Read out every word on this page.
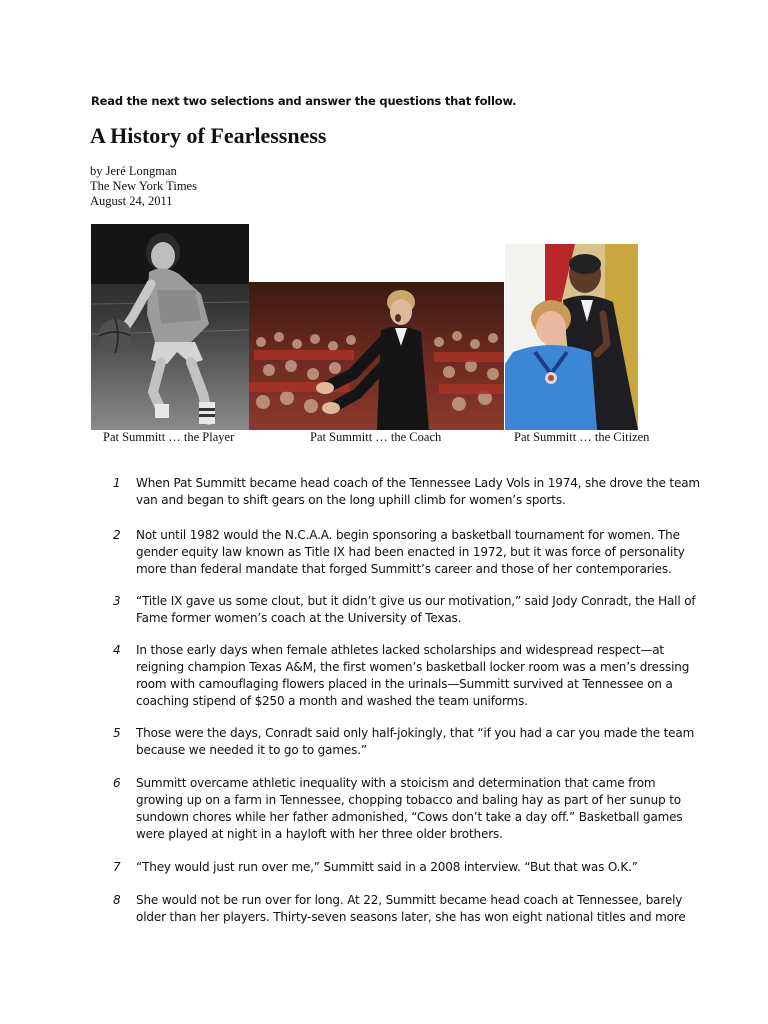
Read the next two selections and answer the questions that follow.
A History of Fearlessness
by Jeré Longman
The New York Times
August 24, 2011
Pat Summitt … the Player	Pat Summitt … the Coach	Pat Summitt … the Citizen
1 When Pat Summitt became head coach of the Tennessee Lady Vols in 1974, she drove the team
van and began to shift gears on the long uphill climb for women’s sports.
2 Not until 1982 would the N.C.A.A. begin sponsoring a basketball tournament for women. The
gender equity law known as Title IX had been enacted in 1972, but it was force of personality
more than federal mandate that forged Summitt’s career and those of her contemporaries.
3 “Title IX gave us some clout, but it didn’t give us our motivation,” said Jody Conradt, the Hall of
Fame former women’s coach at the University of Texas.
4 In those early days when female athletes lacked scholarships and widespread respect—at
reigning champion Texas A&M, the first women’s basketball locker room was a men’s dressing
room with camouflaging flowers placed in the urinals—Summitt survived at Tennessee on a
coaching stipend of $250 a month and washed the team uniforms.
5 Those were the days, Conradt said only half-jokingly, that “if you had a car you made the team
because we needed it to go to games.”
6 Summitt overcame athletic inequality with a stoicism and determination that came from
growing up on a farm in Tennessee, chopping tobacco and baling hay as part of her sunup to
sundown chores while her father admonished, “Cows don’t take a day off.” Basketball games
were played at night in a hayloft with her three older brothers.
7 “They would just run over me,” Summitt said in a 2008 interview. “But that was O.K.”
8 She would not be run over for long. At 22, Summitt became head coach at Tennessee, barely
older than her players. Thirty-seven seasons later, she has won eight national titles and more
